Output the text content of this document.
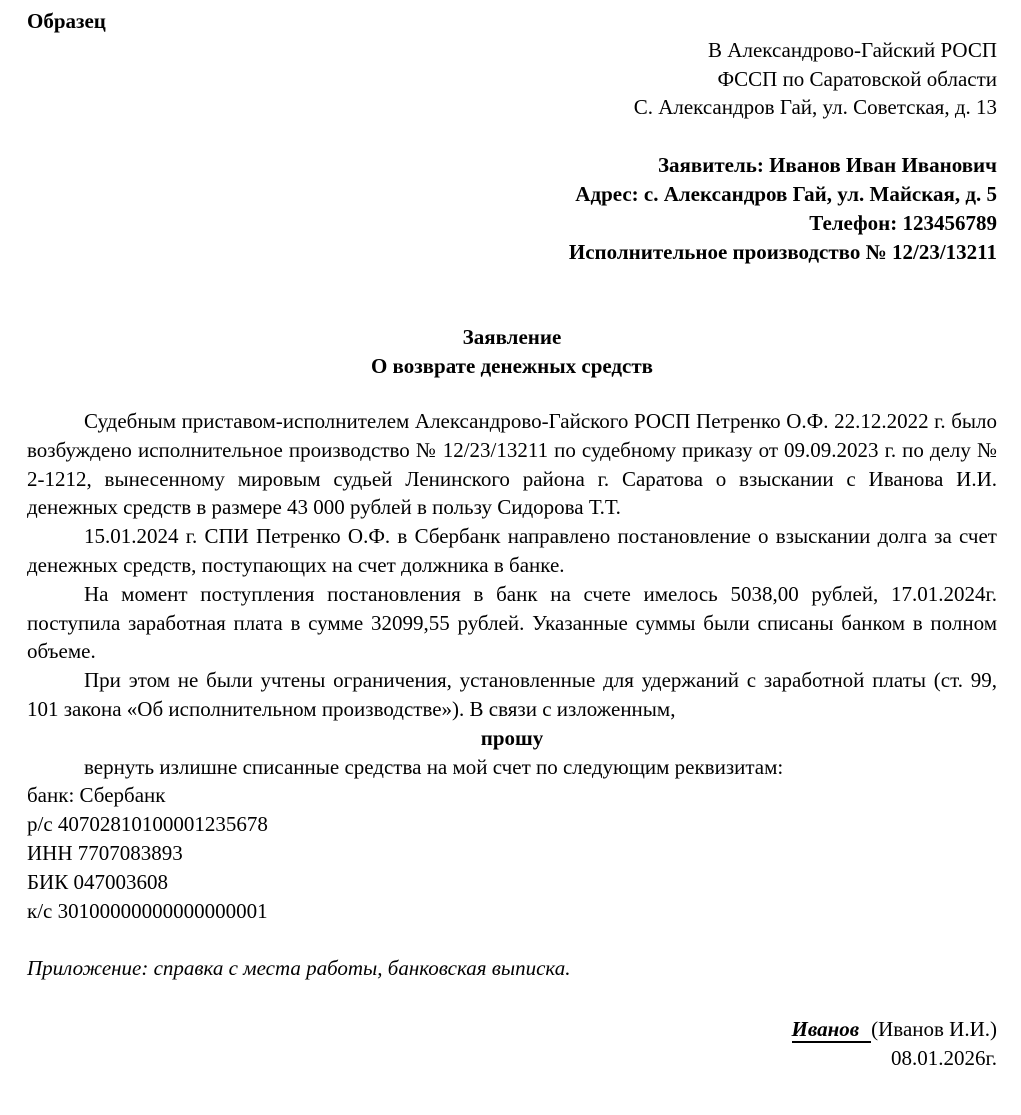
Образец
В Александрово-Гайский РОСП
ФССП по Саратовской области
С. Александров Гай, ул. Советская, д. 13
Заявитель: Иванов Иван Иванович
Адрес: с. Александров Гай, ул. Майская, д. 5
Телефон: 123456789
Исполнительное производство № 12/23/13211
Заявление
О возврате денежных средств

Судебным приставом-исполнителем Александрово-Гайского РОСП Петренко О.Ф. 22.12.2022 г. было возбуждено исполнительное производство № 12/23/13211 по судебному приказу от 09.09.2023 г. по делу № 2-1212, вынесенному мировым судьей Ленинского района г. Саратова о взыскании с Иванова И.И. денежных средств в размере 43 000 рублей в пользу Сидорова Т.Т.

15.01.2024 г. СПИ Петренко О.Ф. в Сбербанк направлено постановление о взыскании долга за счет денежных средств, поступающих на счет должника в банке.

На момент поступления постановления в банк на счете имелось 5038,00 рублей, 17.01.2024г. поступила заработная плата в сумме 32099,55 рублей. Указанные суммы были списаны банком в полном объеме.

При этом не были учтены ограничения, установленные для удержаний с заработной платы (ст. 99, 101 закона «Об исполнительном производстве»). В связи с изложенным,

прошу
вернуть излишне списанные средства на мой счет по следующим реквизитам:
банк: Сбербанк
р/с 40702810100001235678
ИНН 7707083893
БИК 047003608
к/с 30100000000000000001
Приложение: справка с места работы, банковская выписка.
Иванов (Иванов И.И.)
08.01.2026г.
